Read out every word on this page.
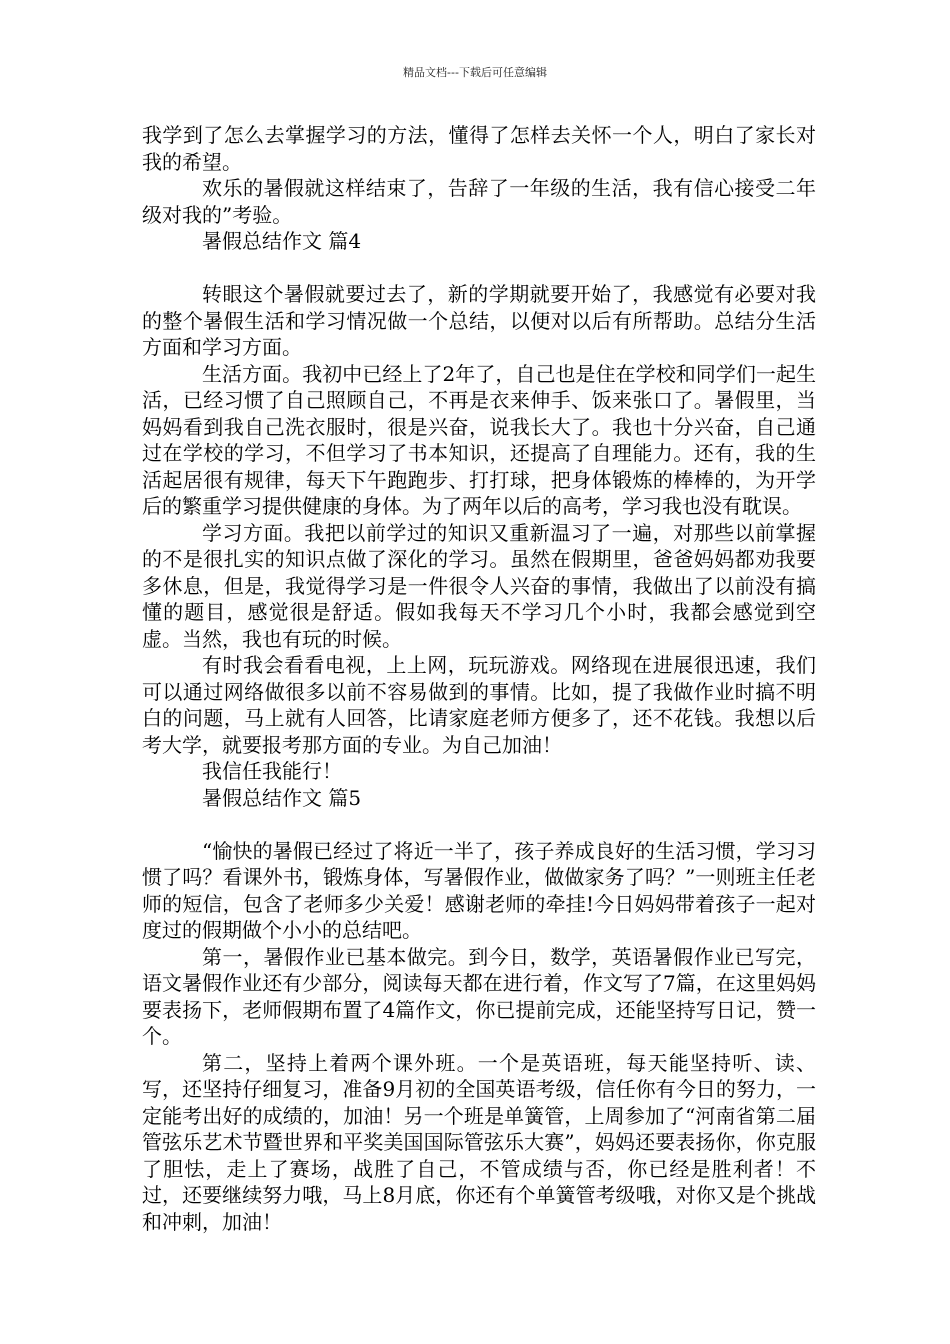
精品文档---下载后可任意编辑

我学到了怎么去掌握学习的方法，懂得了怎样去关怀一个人，明白了家长对我的希望。

欢乐的暑假就这样结束了，告辞了一年级的生活，我有信心接受二年级对我的”考验。

暑假总结作文 篇4

转眼这个暑假就要过去了，新的学期就要开始了，我感觉有必要对我的整个暑假生活和学习情况做一个总结，以便对以后有所帮助。总结分生活方面和学习方面。

生活方面。我初中已经上了2年了，自己也是住在学校和同学们一起生活，已经习惯了自己照顾自己，不再是衣来伸手、饭来张口了。暑假里，当妈妈看到我自己洗衣服时，很是兴奋，说我长大了。我也十分兴奋，自己通过在学校的学习，不但学习了书本知识，还提高了自理能力。还有，我的生活起居很有规律，每天下午跑跑步、打打球，把身体锻炼的棒棒的，为开学后的繁重学习提供健康的身体。为了两年以后的高考，学习我也没有耽误。

学习方面。我把以前学过的知识又重新温习了一遍，对那些以前掌握的不是很扎实的知识点做了深化的学习。虽然在假期里，爸爸妈妈都劝我要多休息，但是，我觉得学习是一件很令人兴奋的事情，我做出了以前没有搞懂的题目，感觉很是舒适。假如我每天不学习几个小时，我都会感觉到空虚。当然，我也有玩的时候。

有时我会看看电视，上上网，玩玩游戏。网络现在进展很迅速，我们可以通过网络做很多以前不容易做到的事情。比如，提了我做作业时搞不明白的问题，马上就有人回答，比请家庭老师方便多了，还不花钱。我想以后考大学，就要报考那方面的专业。为自己加油！

我信任我能行！

暑假总结作文 篇5

“愉快的暑假已经过了将近一半了，孩子养成良好的生活习惯，学习习惯了吗？看课外书，锻炼身体，写暑假作业，做做家务了吗？”一则班主任老师的短信，包含了老师多少关爱！感谢老师的牵挂!今日妈妈带着孩子一起对度过的假期做个小小的总结吧。

第一，暑假作业已基本做完。到今日，数学，英语暑假作业已写完，语文暑假作业还有少部分，阅读每天都在进行着，作文写了7篇，在这里妈妈要表扬下，老师假期布置了4篇作文，你已提前完成，还能坚持写日记，赞一个。

第二，坚持上着两个课外班。一个是英语班，每天能坚持听、读、写，还坚持仔细复习，准备9月初的全国英语考级，信任你有今日的努力，一定能考出好的成绩的，加油！另一个班是单簧管，上周参加了“河南省第二届管弦乐艺术节暨世界和平奖美国国际管弦乐大赛”，妈妈还要表扬你，你克服了胆怯，走上了赛场，战胜了自己，不管成绩与否，你已经是胜利者！不过，还要继续努力哦，马上8月底，你还有个单簧管考级哦，对你又是个挑战和冲刺，加油！
